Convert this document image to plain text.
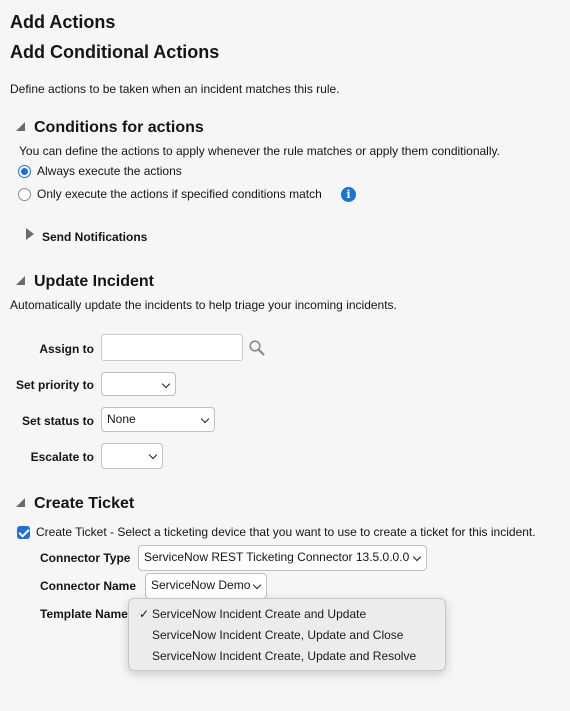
Add Actions
Add Conditional Actions
Define actions to be taken when an incident matches this rule.
Conditions for actions
You can define the actions to apply whenever the rule matches or apply them conditionally.
Always execute the actions
Only execute the actions if specified conditions match	i
Send Notifications
Update Incident
Automatically update the incidents to help triage your incoming incidents.
Assign to
Set priority to
Set status to	None
Escalate to
Create Ticket
Create Ticket - Select a ticketing device that you want to use to create a ticket for this incident.
Connector Type	ServiceNow REST Ticketing Connector 13.5.0.0.0
Connector Name	ServiceNow Demo
Template Name ✓ ServiceNow Incident Create and Update
ServiceNow Incident Create, Update and Close
ServiceNow Incident Create, Update and Resolve
